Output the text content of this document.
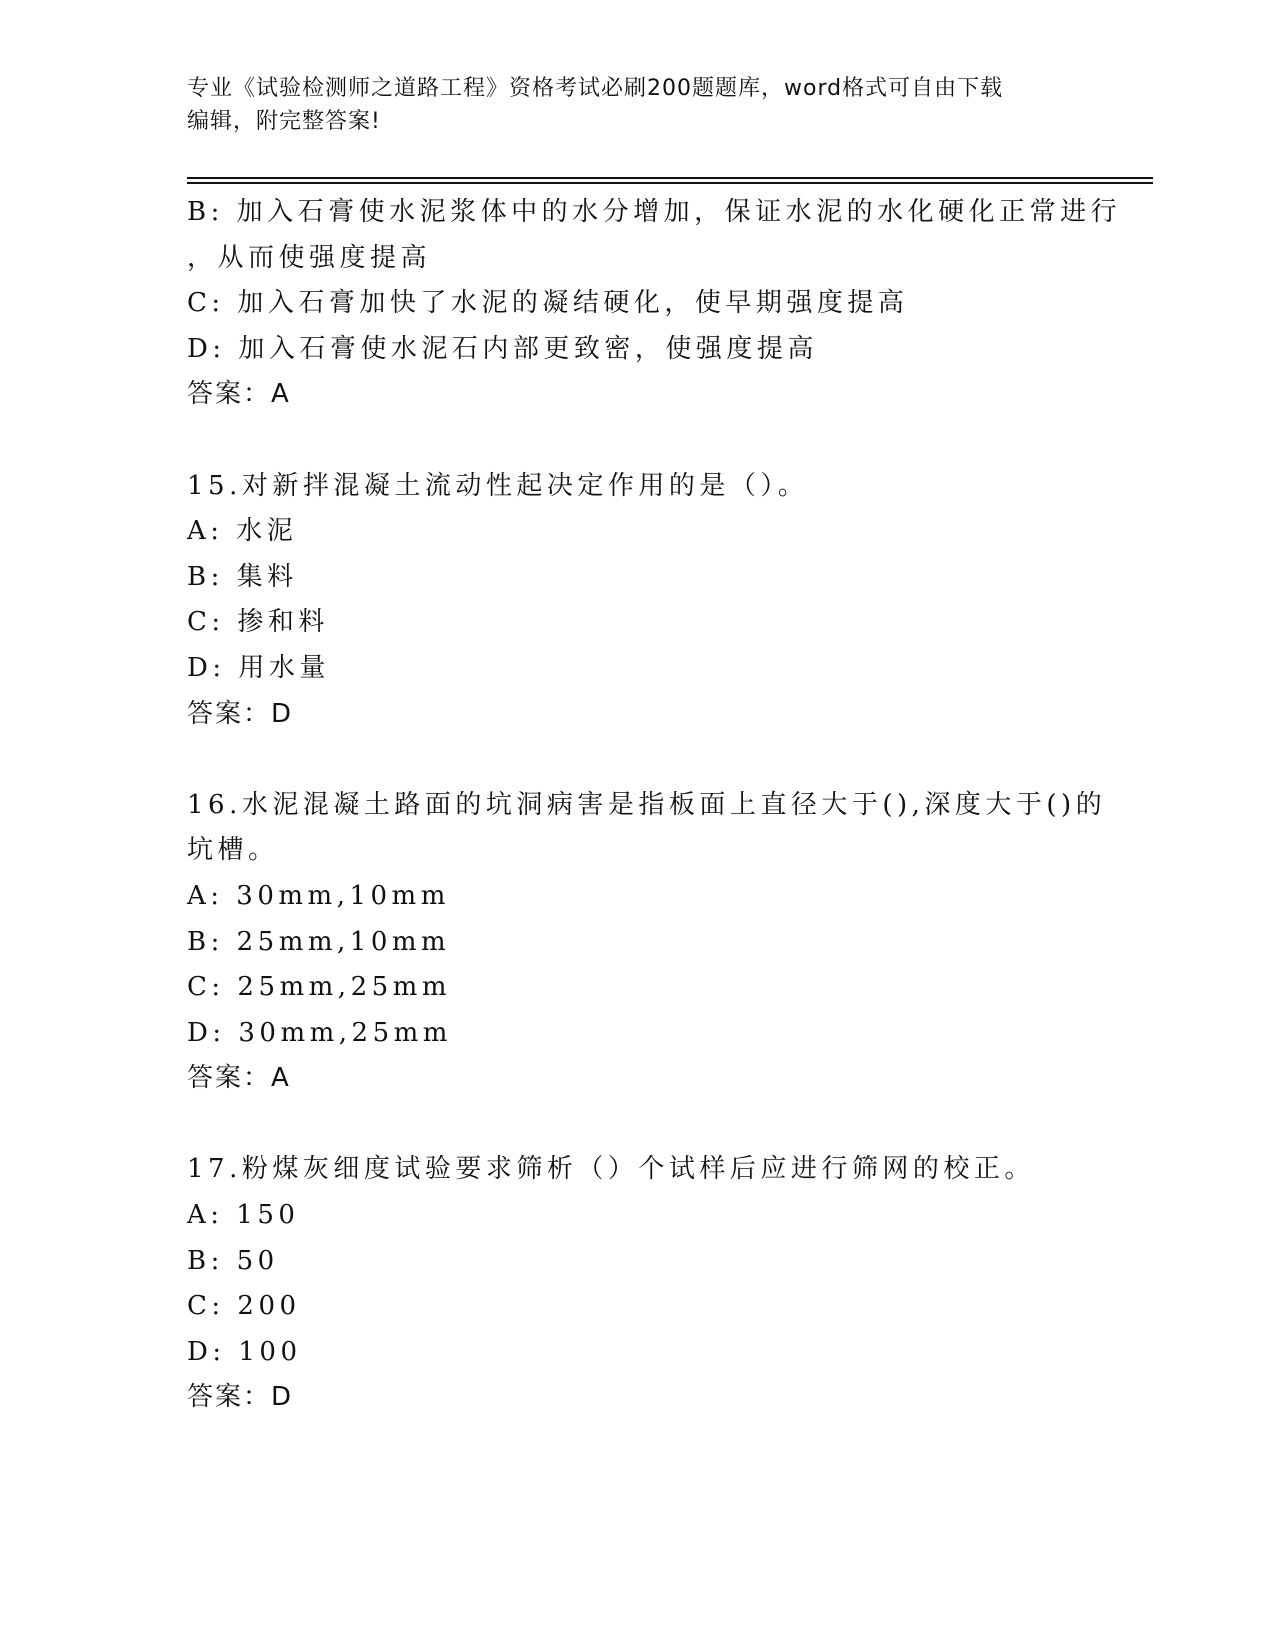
专业《试验检测师之道路工程》资格考试必刷200题题库，word格式可自由下载
编辑，附完整答案!
B: 加入石膏使水泥浆体中的水分增加，保证水泥的水化硬化正常进行
，从而使强度提高
C: 加入石膏加快了水泥的凝结硬化，使早期强度提高
D: 加入石膏使水泥石内部更致密，使强度提高
答案：A
15.对新拌混凝土流动性起决定作用的是（）。
A: 水泥
B: 集料
C: 掺和料
D: 用水量
答案：D
16.水泥混凝土路面的坑洞病害是指板面上直径大于(),深度大于()的
坑槽。
A: 30mm,10mm
B: 25mm,10mm
C: 25mm,25mm
D: 30mm,25mm
答案：A
17.粉煤灰细度试验要求筛析（）个试样后应进行筛网的校正。
A: 150
B: 50
C: 200
D: 100
答案：D
